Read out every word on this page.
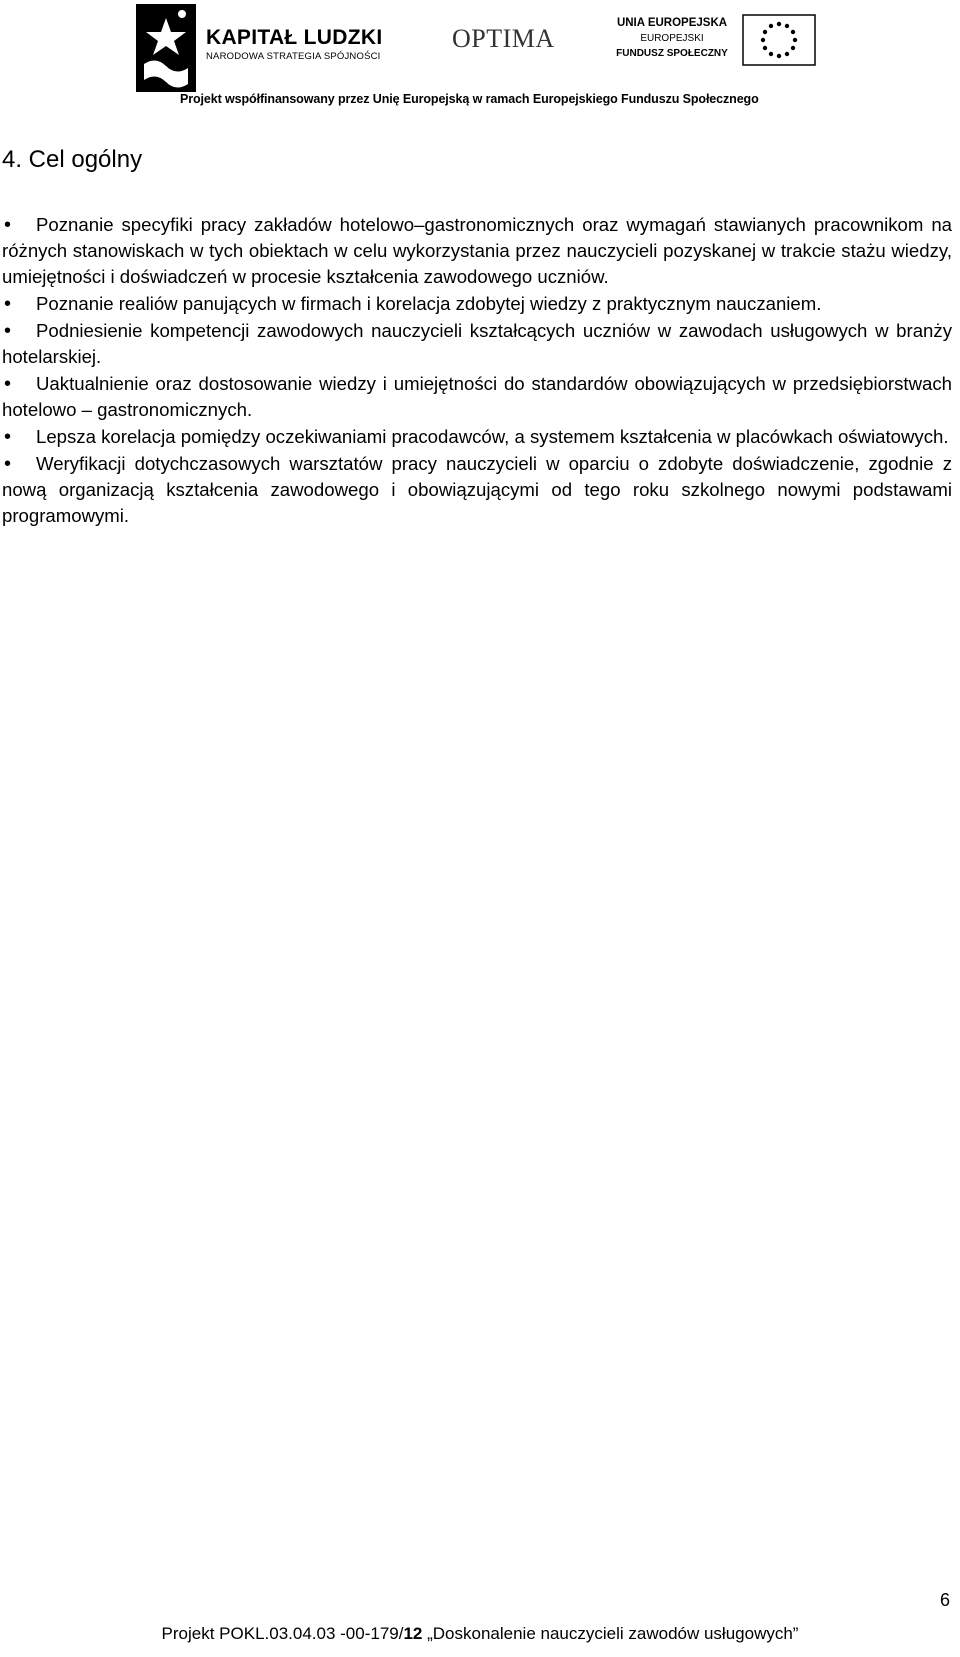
KAPITAŁ LUDZKI
NARODOWA STRATEGIA SPÓJNOŚCI
OPTIMA
UNIA EUROPEJSKA
EUROPEJSKI
FUNDUSZ SPOŁECZNY
Projekt współfinansowany przez Unię Europejską w ramach Europejskiego Funduszu Społecznego
4. Cel ogólny
• Poznanie specyfiki pracy zakładów hotelowo–gastronomicznych oraz wymagań stawianych pracownikom na różnych stanowiskach w tych obiektach w celu wykorzystania przez nauczycieli pozyskanej w trakcie stażu wiedzy, umiejętności i doświadczeń w procesie kształcenia zawodowego uczniów.
• Poznanie realiów panujących w firmach i korelacja zdobytej wiedzy z praktycznym nauczaniem.
• Podniesienie kompetencji zawodowych nauczycieli kształcących uczniów w zawodach usługowych w branży hotelarskiej.
• Uaktualnienie oraz dostosowanie wiedzy i umiejętności do standardów obowiązujących w przedsiębiorstwach hotelowo – gastronomicznych.
• Lepsza korelacja pomiędzy oczekiwaniami pracodawców, a systemem kształcenia w placówkach oświatowych.
• Weryfikacji dotychczasowych warsztatów pracy nauczycieli w oparciu o zdobyte doświadczenie, zgodnie z nową organizacją kształcenia zawodowego i obowiązującymi od tego roku szkolnego nowymi podstawami programowymi.
6
Projekt POKL.03.04.03 -00-179/12 „Doskonalenie nauczycieli zawodów usługowych”
